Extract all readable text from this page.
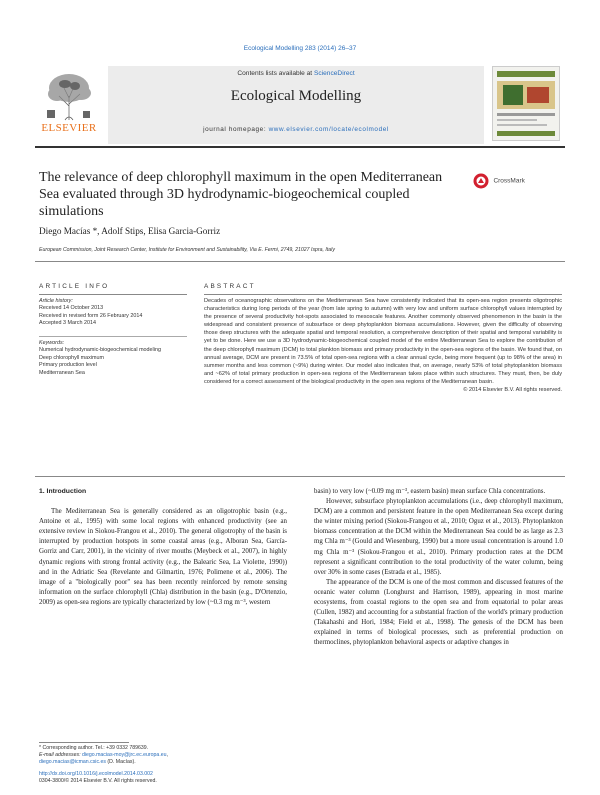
Ecological Modelling 283 (2014) 26–37
ELSEVIER
Contents lists available at ScienceDirect
Ecological Modelling
journal homepage: www.elsevier.com/locate/ecolmodel
The relevance of deep chlorophyll maximum in the open Mediterranean Sea evaluated through 3D hydrodynamic-biogeochemical coupled simulations
CrossMark
Diego Macías *, Adolf Stips, Elisa Garcia-Gorriz
European Commission, Joint Research Center, Institute for Environment and Sustainability, Via E. Fermi, 2749, 21027 Ispra, Italy
ARTICLE INFO
Article history:
Received 14 October 2013
Received in revised form 26 February 2014
Accepted 3 March 2014
Keywords:
Numerical hydrodynamic-biogeochemical modeling
Deep chlorophyll maximum
Primary production level
Mediterranean Sea
ABSTRACT
Decades of oceanographic observations on the Mediterranean Sea have consistently indicated that its open-sea region presents oligotrophic characteristics during long periods of the year (from late spring to autumn) with very low and uniform surface chlorophyll values interrupted by the presence of several productivity hot-spots associated to mesoscale features. Another commonly observed phenomenon in the basin is the widespread and consistent presence of subsurface or deep phytoplankton biomass accumulations. However, given the difficulty of observing those deep structures with the adequate spatial and temporal resolution, a comprehensive description of their spatial and temporal variability is yet to be done. Here we use a 3D hydrodynamic-biogeochemical coupled model of the entire Mediterranean Sea to explore the contribution of the deep chlorophyll maximum (DCM) to total plankton biomass and primary productivity in the open-sea regions of the basin. We found that, on annual average, DCM are present in 73.5% of total open-sea regions with a clear annual cycle, being more frequent (up to 98% of the area) in summer months and less common (~9%) during winter. Our model also indicates that, on average, nearly 53% of total phytoplankton biomass and ~62% of total primary production in open-sea regions of the Mediterranean takes place within such structures. They must, then, be duly considered for a correct assessment of the biological productivity in the open sea regions of the Mediterranean basin.
© 2014 Elsevier B.V. All rights reserved.
1. Introduction

The Mediterranean Sea is generally considered as an oligotrophic basin (e.g., Antoine et al., 1995) with some local regions with enhanced productivity (see an extensive review in Siokou-Frangou et al., 2010). The general oligotrophy of the basin is interrupted by production hotspots in some coastal areas (e.g., Alboran Sea, García-Gorriz and Carr, 2001), in the vicinity of river mouths (Meybeck et al., 2007), in highly dynamic regions with strong frontal activity (e.g., the Balearic Sea, La Violette, 1990)) and in the Adriatic Sea (Revelante and Gilmartin, 1976; Polimene et al., 2006). The image of a "biologically poor" sea has been recently reinforced by remote sensing information on the surface chlorophyll (Chla) distribution in the basin (e.g., D'Ortenzio, 2009) as open-sea regions are typically characterized by low (~0.3 mg m⁻³, western

basin) to very low (~0.09 mg m⁻³, eastern basin) mean surface Chla concentrations.

However, subsurface phytoplankton accumulations (i.e., deep chlorophyll maximum, DCM) are a common and persistent feature in the open Mediterranean Sea except during the winter mixing period (Siokou-Frangou et al., 2010; Oguz et al., 2013). Phytoplankton biomass concentration at the DCM within the Mediterranean Sea could be as large as 2.3 mg Chla m⁻³ (Gould and Wiesenburg, 1990) but a more usual concentration is around 1.0 mg Chla m⁻³ (Siokou-Frangou et al., 2010). Primary production rates at the DCM represent a significant contribution to the total productivity of the water column, being over 30% in some cases (Estrada et al., 1985).

The appearance of the DCM is one of the most common and discussed features of the oceanic water column (Longhurst and Harrison, 1989), appearing in most marine ecosystems, from coastal regions to the open sea and from equatorial to polar areas (Cullen, 1982) and accounting for a substantial fraction of the world's primary production (Takahashi and Hori, 1984; Field et al., 1998). The genesis of the DCM has been explained in terms of biological processes, such as preferential production on thermoclines, phytoplankton behavioral aspects or adaptive changes in

* Corresponding author. Tel.: +39 0332 789639.
E-mail addresses: diego.macias-moy@jrc.ec.europa.eu,
diego.macias@icman.csic.es (D. Macías).
http://dx.doi.org/10.1016/j.ecolmodel.2014.03.002
0304-3800/© 2014 Elsevier B.V. All rights reserved.
